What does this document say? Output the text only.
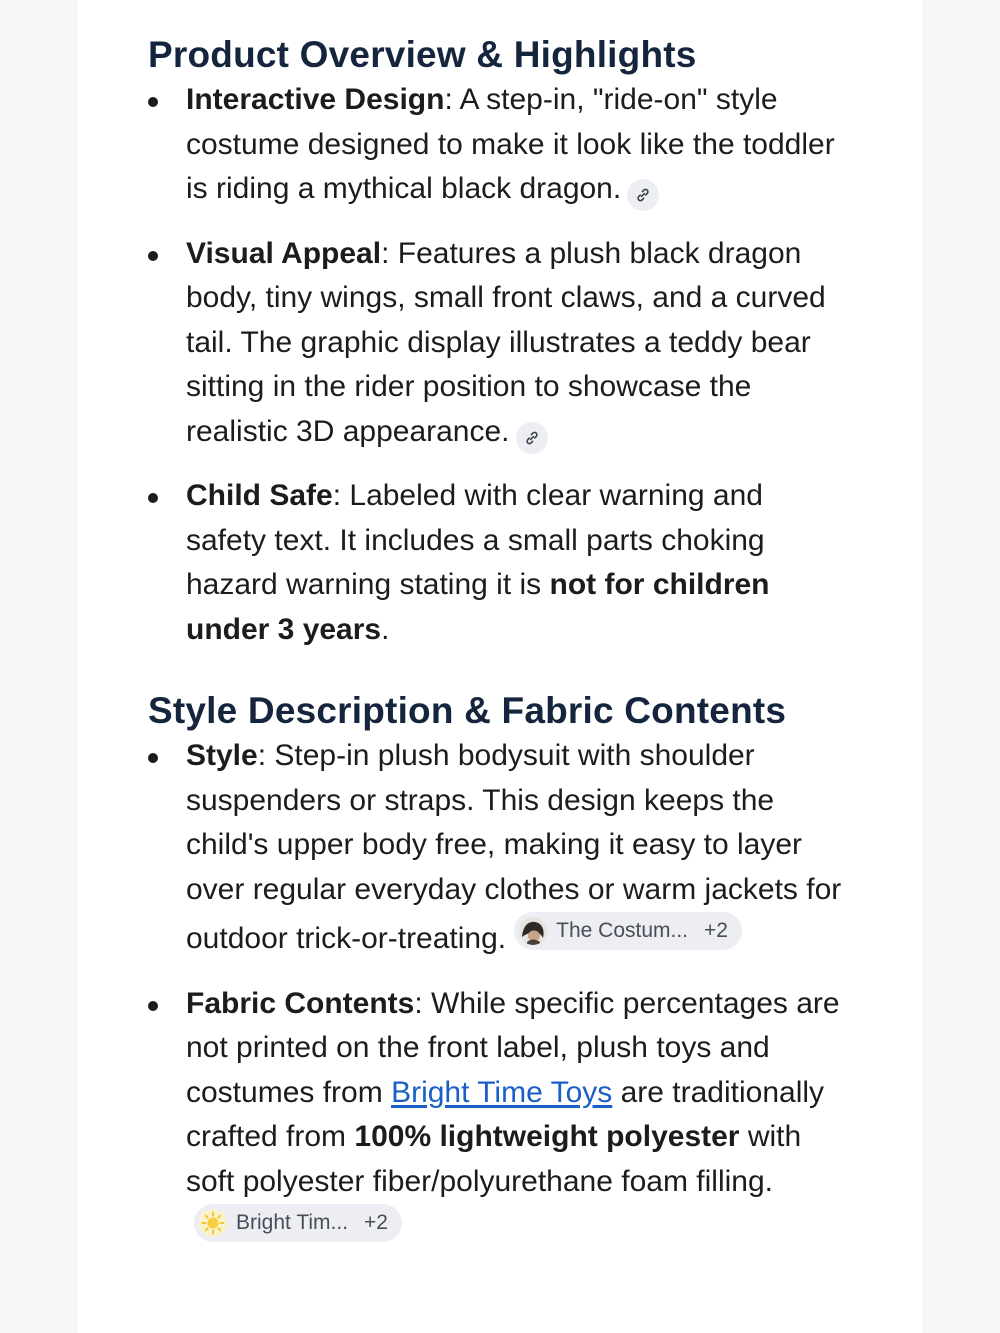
Product Overview & Highlights
Interactive Design: A step-in, "ride-on" style costume designed to make it look like the toddler is riding a mythical black dragon.
Visual Appeal: Features a plush black dragon body, tiny wings, small front claws, and a curved tail. The graphic display illustrates a teddy bear sitting in the rider position to showcase the realistic 3D appearance.
Child Safe: Labeled with clear warning and safety text. It includes a small parts choking hazard warning stating it is not for children under 3 years.
Style Description & Fabric Contents
Style: Step-in plush bodysuit with shoulder suspenders or straps. This design keeps the child's upper body free, making it easy to layer over regular everyday clothes or warm jackets for outdoor trick-or-treating. The Costum... +2
Fabric Contents: While specific percentages are not printed on the front label, plush toys and costumes from Bright Time Toys are traditionally crafted from 100% lightweight polyester with soft polyester fiber/polyurethane foam filling.
Bright Tim... +2
